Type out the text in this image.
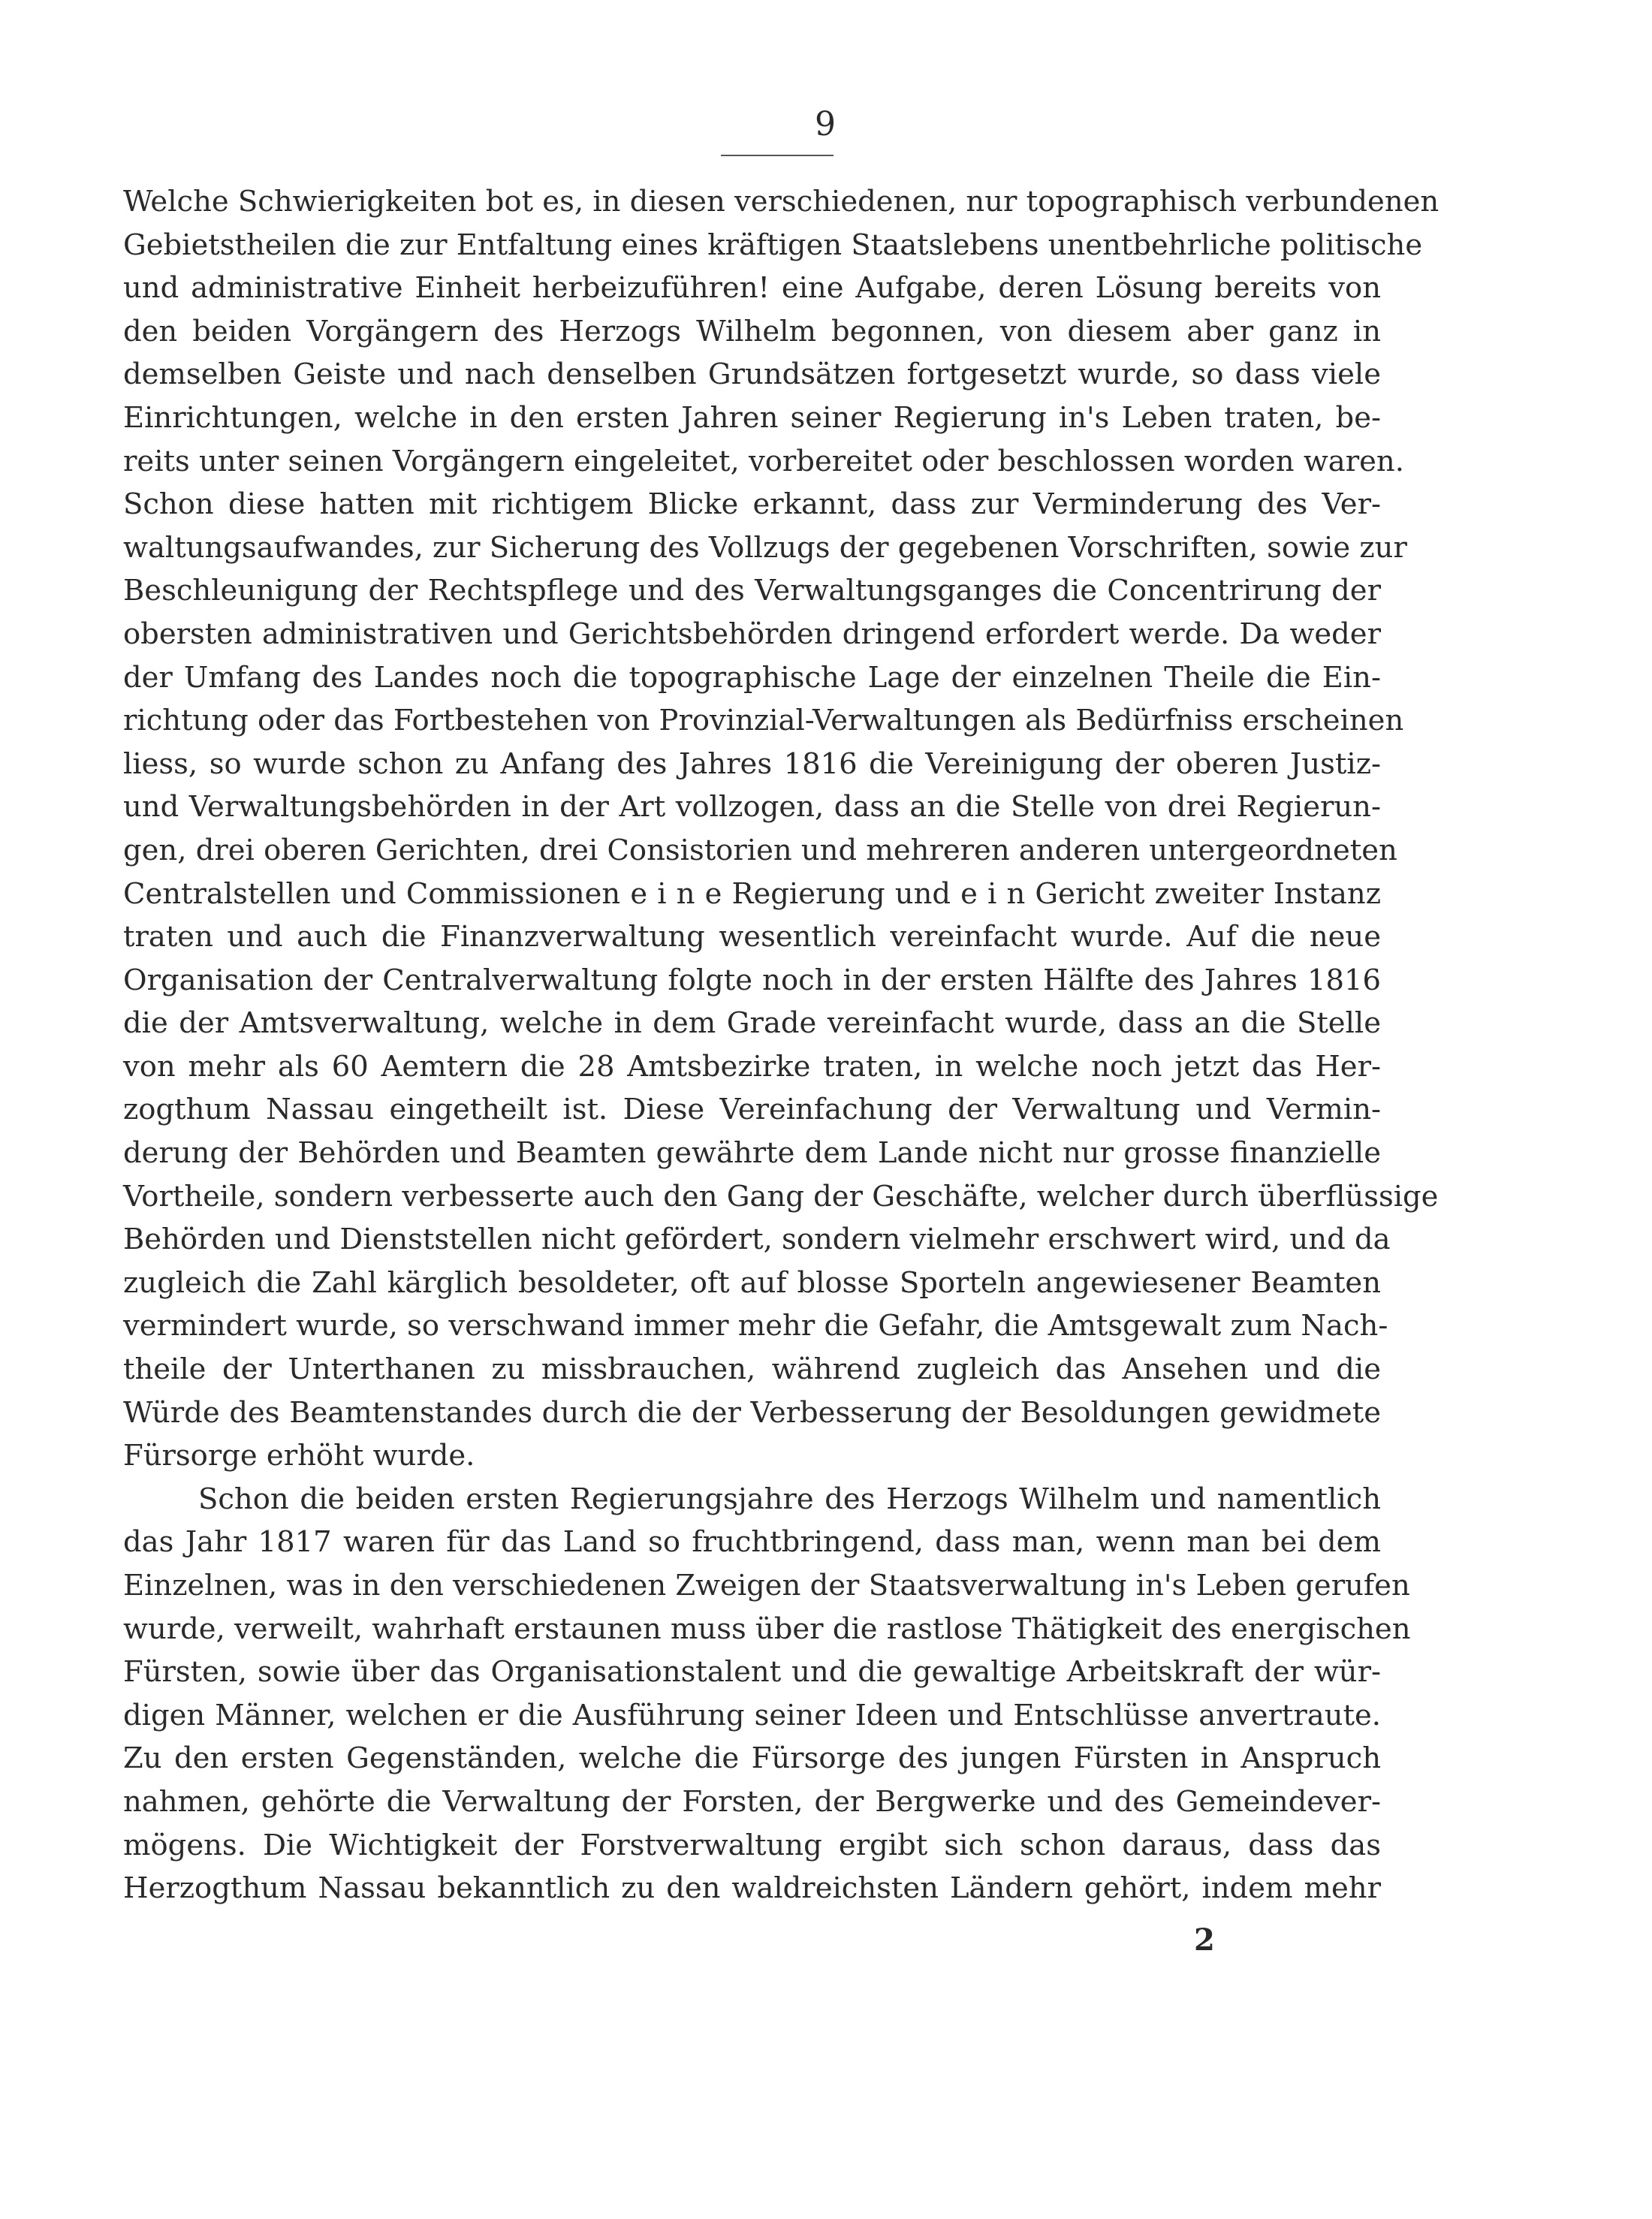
9
Welche Schwierigkeiten bot es, in diesen verschiedenen, nur topographisch verbundenen
Gebietstheilen die zur Entfaltung eines kräftigen Staatslebens unentbehrliche politische
und administrative Einheit herbeizuführen! eine Aufgabe, deren Lösung bereits von
den beiden Vorgängern des Herzogs Wilhelm begonnen, von diesem aber ganz in
demselben Geiste und nach denselben Grundsätzen fortgesetzt wurde, so dass viele
Einrichtungen, welche in den ersten Jahren seiner Regierung in's Leben traten, be-
reits unter seinen Vorgängern eingeleitet, vorbereitet oder beschlossen worden waren.
Schon diese hatten mit richtigem Blicke erkannt, dass zur Verminderung des Ver-
waltungsaufwandes, zur Sicherung des Vollzugs der gegebenen Vorschriften, sowie zur
Beschleunigung der Rechtspflege und des Verwaltungsganges die Concentrirung der
obersten administrativen und Gerichtsbehörden dringend erfordert werde. Da weder
der Umfang des Landes noch die topographische Lage der einzelnen Theile die Ein-
richtung oder das Fortbestehen von Provinzial-Verwaltungen als Bedürfniss erscheinen
liess, so wurde schon zu Anfang des Jahres 1816 die Vereinigung der oberen Justiz-
und Verwaltungsbehörden in der Art vollzogen, dass an die Stelle von drei Regierun-
gen, drei oberen Gerichten, drei Consistorien und mehreren anderen untergeordneten
Centralstellen und Commissionen e i n e Regierung und e i n Gericht zweiter Instanz
traten und auch die Finanzverwaltung wesentlich vereinfacht wurde. Auf die neue
Organisation der Centralverwaltung folgte noch in der ersten Hälfte des Jahres 1816
die der Amtsverwaltung, welche in dem Grade vereinfacht wurde, dass an die Stelle
von mehr als 60 Aemtern die 28 Amtsbezirke traten, in welche noch jetzt das Her-
zogthum Nassau eingetheilt ist. Diese Vereinfachung der Verwaltung und Vermin-
derung der Behörden und Beamten gewährte dem Lande nicht nur grosse finanzielle
Vortheile, sondern verbesserte auch den Gang der Geschäfte, welcher durch überflüssige
Behörden und Dienststellen nicht gefördert, sondern vielmehr erschwert wird, und da
zugleich die Zahl kärglich besoldeter, oft auf blosse Sporteln angewiesener Beamten
vermindert wurde, so verschwand immer mehr die Gefahr, die Amtsgewalt zum Nach-
theile der Unterthanen zu missbrauchen, während zugleich das Ansehen und die
Würde des Beamtenstandes durch die der Verbesserung der Besoldungen gewidmete
Fürsorge erhöht wurde.
Schon die beiden ersten Regierungsjahre des Herzogs Wilhelm und namentlich
das Jahr 1817 waren für das Land so fruchtbringend, dass man, wenn man bei dem
Einzelnen, was in den verschiedenen Zweigen der Staatsverwaltung in's Leben gerufen
wurde, verweilt, wahrhaft erstaunen muss über die rastlose Thätigkeit des energischen
Fürsten, sowie über das Organisationstalent und die gewaltige Arbeitskraft der wür-
digen Männer, welchen er die Ausführung seiner Ideen und Entschlüsse anvertraute.
Zu den ersten Gegenständen, welche die Fürsorge des jungen Fürsten in Anspruch
nahmen, gehörte die Verwaltung der Forsten, der Bergwerke und des Gemeindever-
mögens. Die Wichtigkeit der Forstverwaltung ergibt sich schon daraus, dass das
Herzogthum Nassau bekanntlich zu den waldreichsten Ländern gehört, indem mehr
2
